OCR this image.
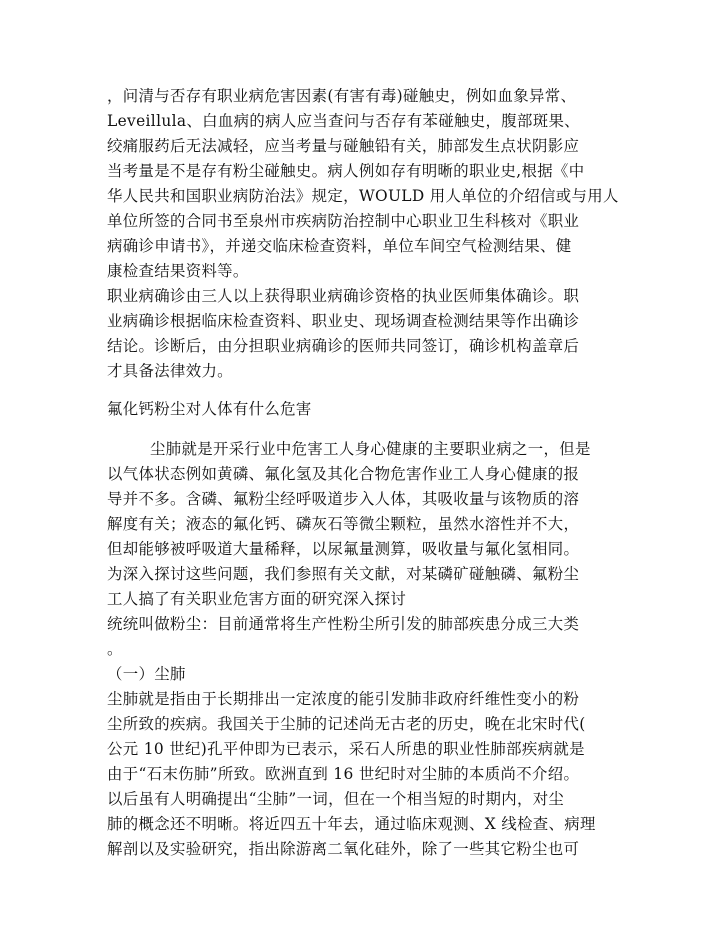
，问清与否存有职业病危害因素(有害有毒)碰触史，例如血象异常、
Leveillula、白血病的病人应当查问与否存有苯碰触史，腹部斑果、
绞痛服药后无法减轻，应当考量与碰触铅有关，肺部发生点状阴影应
当考量是不是存有粉尘碰触史。病人例如存有明晰的职业史,根据《中
华人民共和国职业病防治法》规定，WOULD 用人单位的介绍信或与用人
单位所签的合同书至泉州市疾病防治控制中心职业卫生科核对《职业
病确诊申请书》，并递交临床检查资料，单位车间空气检测结果、健
康检查结果资料等。
职业病确诊由三人以上获得职业病确诊资格的执业医师集体确诊。职
业病确诊根据临床检查资料、职业史、现场调查检测结果等作出确诊
结论。诊断后，由分担职业病确诊的医师共同签订，确诊机构盖章后
才具备法律效力。
氟化钙粉尘对人体有什么危害
尘肺就是开采行业中危害工人身心健康的主要职业病之一，但是
以气体状态例如黄磷、氟化氢及其化合物危害作业工人身心健康的报
导并不多。含磷、氟粉尘经呼吸道步入人体，其吸收量与该物质的溶
解度有关；液态的氟化钙、磷灰石等微尘颗粒，虽然水溶性并不大，
但却能够被呼吸道大量稀释，以尿氟量测算，吸收量与氟化氢相同。
为深入探讨这些问题，我们参照有关文献，对某磷矿碰触磷、氟粉尘
工人搞了有关职业危害方面的研究深入探讨
统统叫做粉尘：目前通常将生产性粉尘所引发的肺部疾患分成三大类
。
（一）尘肺
尘肺就是指由于长期排出一定浓度的能引发肺非政府纤维性变小的粉
尘所致的疾病。我国关于尘肺的记述尚无古老的历史，晚在北宋时代(
公元 10 世纪)孔平仲即为已表示，采石人所患的职业性肺部疾病就是
由于“石末伤肺”所致。欧洲直到 16 世纪时对尘肺的本质尚不介绍。
以后虽有人明确提出“尘肺”一词，但在一个相当短的时期内，对尘
肺的概念还不明晰。将近四五十年去，通过临床观测、X 线检查、病理
解剖以及实验研究，指出除游离二氧化硅外，除了一些其它粉尘也可
